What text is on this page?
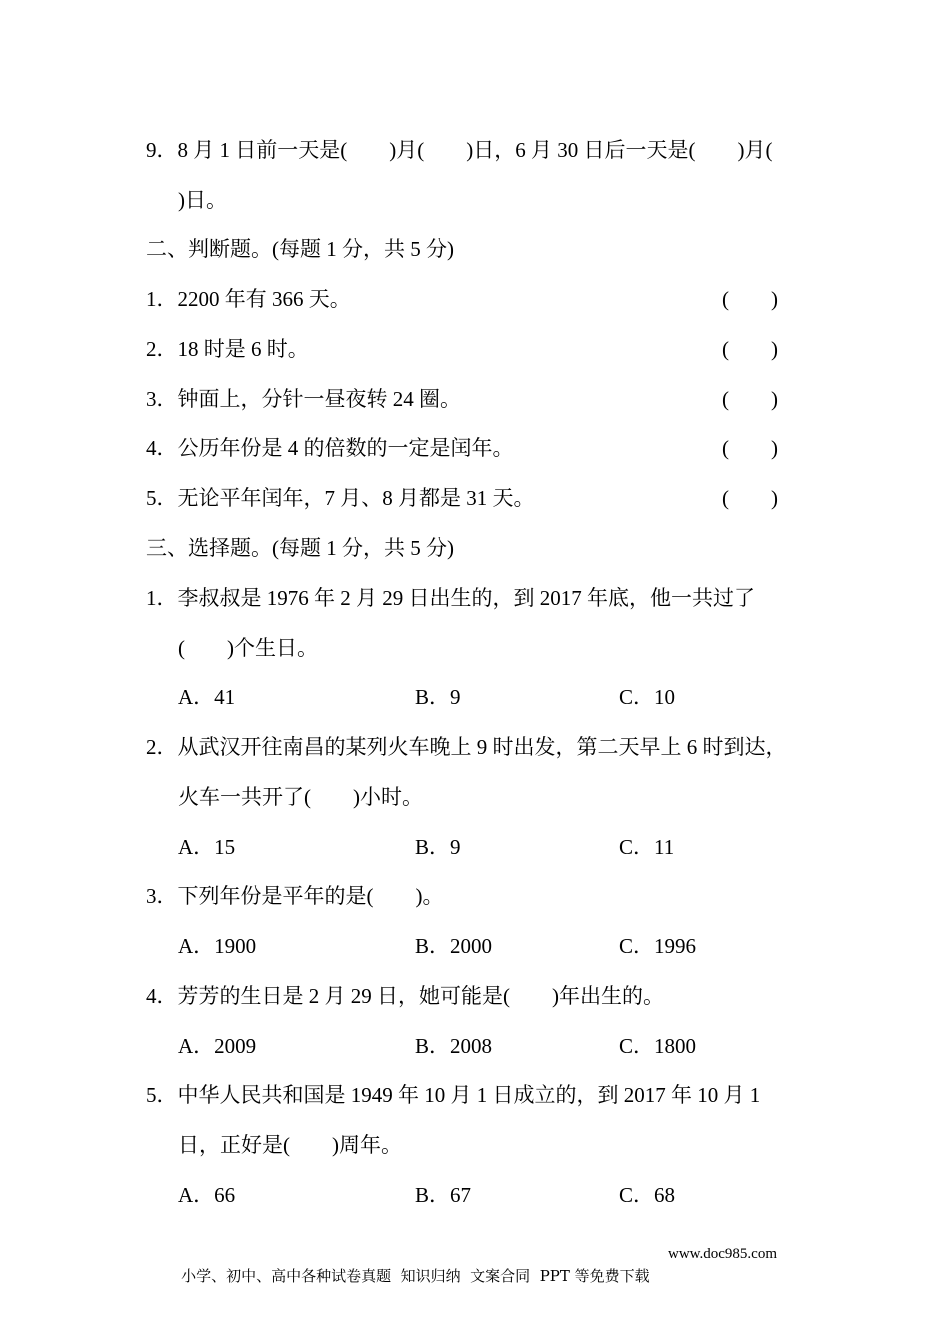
9．8 月 1 日前一天是(　　)月(　　)日，6 月 30 日后一天是(　　)月(
)日。
二、判断题。(每题 1 分，共 5 分)
1．2200 年有 366 天。	(　　)
2．18 时是 6 时。	(　　)
3．钟面上，分针一昼夜转 24 圈。	(　　)
4．公历年份是 4 的倍数的一定是闰年。	(　　)
5．无论平年闰年，7 月、8 月都是 31 天。	(　　)
三、选择题。(每题 1 分，共 5 分)
1．李叔叔是 1976 年 2 月 29 日出生的，到 2017 年底，他一共过了
(　　)个生日。
A．41	B．9	C．10
2．从武汉开往南昌的某列火车晚上 9 时出发，第二天早上 6 时到达，
火车一共开了(　　)小时。
A．15	B．9	C．11
3．下列年份是平年的是(　　)。
A．1900	B．2000	C．1996
4．芳芳的生日是 2 月 29 日，她可能是(　　)年出生的。
A．2009	B．2008	C．1800
5．中华人民共和国是 1949 年 10 月 1 日成立的，到 2017 年 10 月 1
日，正好是(　　)周年。
A．66	B．67	C．68

小学、初中、高中各种试卷真题  知识归纳  文案合同  PPT 等免费下载

www.doc985.com
